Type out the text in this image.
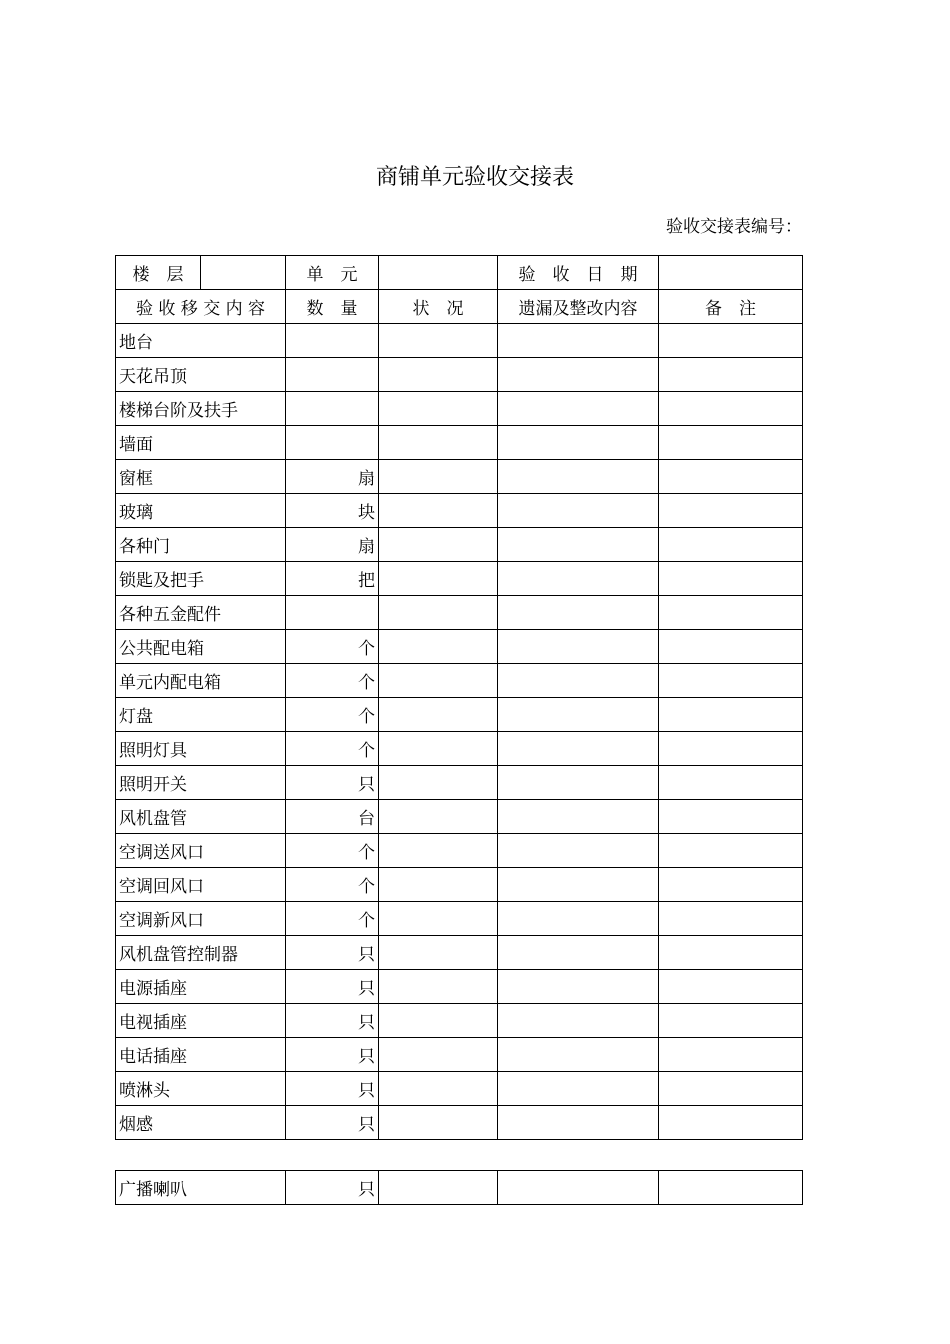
商铺单元验收交接表
验收交接表编号：
楼　层	单　元		验　收　日　期	
验 收 移 交 内 容	数　量	状　况	遗漏及整改内容	备　注
地台				
天花吊顶				
楼梯台阶及扶手				
墙面				
窗框	扇			
玻璃	块			
各种门	扇			
锁匙及把手	把			
各种五金配件				
公共配电箱	个			
单元内配电箱	个			
灯盘	个			
照明灯具	个			
照明开关	只			
风机盘管	台			
空调送风口	个			
空调回风口	个			
空调新风口	个			
风机盘管控制器	只			
电源插座	只			
电视插座	只			
电话插座	只			
喷淋头	只			
烟感	只			
广播喇叭	只			
